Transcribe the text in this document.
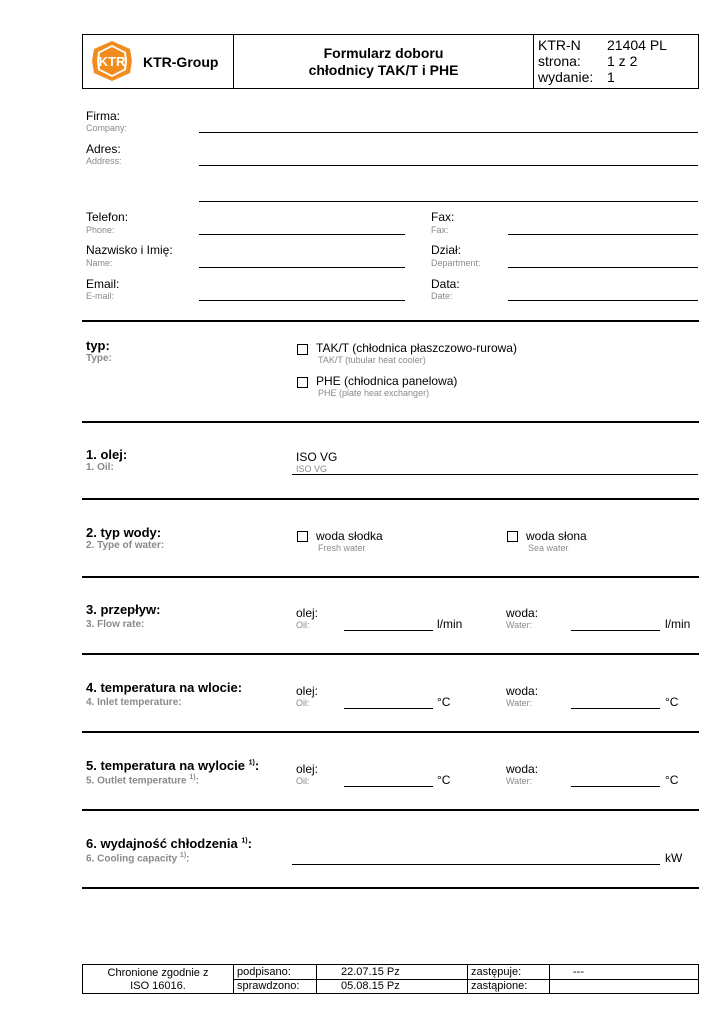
KTR KTR-Group
Formularz doboru
chłodnicy TAK/T i PHE
KTR-N	21404 PL
strona:	1 z 2
wydanie: 1
Firma:
Company:
Adres:
Address:
Telefon:
Phone:
Fax:
Fax:
Nazwisko i Imię:
Name:
Dział:
Department:
Email:
E-mail:
Data:
Date:
typ:
Type:
TAK/T (chłodnica płaszczowo-rurowa)
TAK/T (tubular heat cooler)
PHE (chłodnica panelowa)
PHE (plate heat exchanger)
1. olej:
1. Oil:
ISO VG
ISO VG
2. typ wody:
2. Type of water:
woda słodka
Fresh water
woda słona
Sea water
3. przepływ:
3. Flow rate:
olej:
Oil:	l/min
woda:
Water:	l/min
4. temperatura na wlocie:
4. Inlet temperature:
olej:
Oil:	°C
woda:
Water:	°C
5. temperatura na wylocie $^{1)}$:
5. Outlet temperature $^{1)}$:
olej:
Oil:	°C
woda:
Water:	°C
6. wydajność chłodzenia $^{1)}$:
6. Cooling capacity $^{1)}$:	kW
Chronione zgodnie z
ISO 16016.
podpisano:	22.07.15 Pz
sprawdzono:	05.08.15 Pz
zastępuje:	---
zastąpione:
